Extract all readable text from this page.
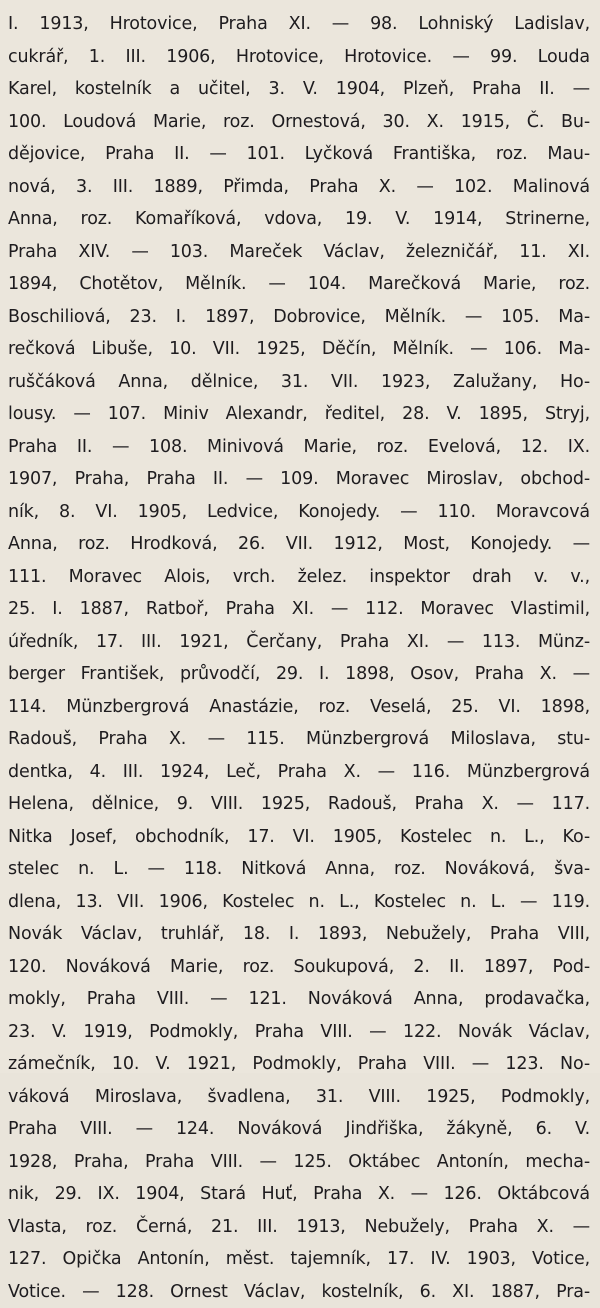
I. 1913, Hrotovice, Praha XI. — 98. Lohniský Ladislav,
cukrář, 1. III. 1906, Hrotovice, Hrotovice. — 99. Louda
Karel, kostelník a učitel, 3. V. 1904, Plzeň, Praha II. —
100. Loudová Marie, roz. Ornestová, 30. X. 1915, Č. Bu-
dějovice, Praha II. — 101. Lyčková Františka, roz. Mau-
nová, 3. III. 1889, Přimda, Praha X. — 102. Malinová
Anna, roz. Komaříková, vdova, 19. V. 1914, Strinerne,
Praha XIV. — 103. Mareček Václav, železničář, 11. XI.
1894, Chotětov, Mělník. — 104. Marečková Marie, roz.
Boschiliová, 23. I. 1897, Dobrovice, Mělník. — 105. Ma-
rečková Libuše, 10. VII. 1925, Děčín, Mělník. — 106. Ma-
ruščáková Anna, dělnice, 31. VII. 1923, Zalužany, Ho-
lousy. — 107. Miniv Alexandr, ředitel, 28. V. 1895, Stryj,
Praha II. — 108. Minivová Marie, roz. Evelová, 12. IX.
1907, Praha, Praha II. — 109. Moravec Miroslav, obchod-
ník, 8. VI. 1905, Ledvice, Konojedy. — 110. Moravcová
Anna, roz. Hrodková, 26. VII. 1912, Most, Konojedy. —
111. Moravec Alois, vrch. želez. inspektor drah v. v.,
25. I. 1887, Ratboř, Praha XI. — 112. Moravec Vlastimil,
úředník, 17. III. 1921, Čerčany, Praha XI. — 113. Münz-
berger František, průvodčí, 29. I. 1898, Osov, Praha X. —
114. Münzbergrová Anastázie, roz. Veselá, 25. VI. 1898,
Radouš, Praha X. — 115. Münzbergrová Miloslava, stu-
dentka, 4. III. 1924, Leč, Praha X. — 116. Münzbergrová
Helena, dělnice, 9. VIII. 1925, Radouš, Praha X. — 117.
Nitka Josef, obchodník, 17. VI. 1905, Kostelec n. L., Ko-
stelec n. L. — 118. Nitková Anna, roz. Nováková, šva-
dlena, 13. VII. 1906, Kostelec n. L., Kostelec n. L. — 119.
Novák Václav, truhlář, 18. I. 1893, Nebužely, Praha VIII,
120. Nováková Marie, roz. Soukupová, 2. II. 1897, Pod-
mokly, Praha VIII. — 121. Nováková Anna, prodavačka,
23. V. 1919, Podmokly, Praha VIII. — 122. Novák Václav,
zámečník, 10. V. 1921, Podmokly, Praha VIII. — 123. No-
váková Miroslava, švadlena, 31. VIII. 1925, Podmokly,
Praha VIII. — 124. Nováková Jindřiška, žákyně, 6. V.
1928, Praha, Praha VIII. — 125. Oktábec Antonín, mecha-
nik, 29. IX. 1904, Stará Huť, Praha X. — 126. Oktábcová
Vlasta, roz. Černá, 21. III. 1913, Nebužely, Praha X. —
127. Opička Antonín, měst. tajemník, 17. IV. 1903, Votice,
Votice. — 128. Ornest Václav, kostelník, 6. XI. 1887, Pra-
